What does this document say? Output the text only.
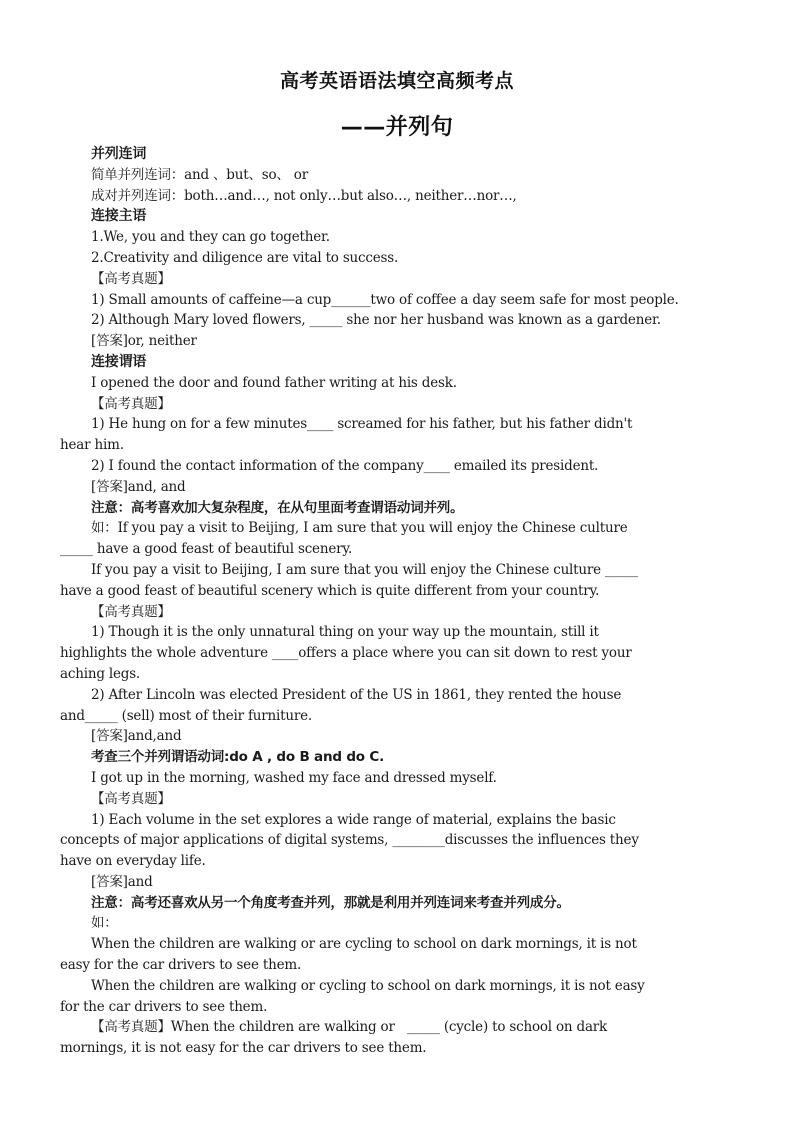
高考英语语法填空高频考点
——并列句
并列连词
简单并列连词：and 、but、so、 or
成对并列连词：both…and…, not only…but also…, neither…nor…,
连接主语
1.We, you and they can go together.
2.Creativity and diligence are vital to success.
【高考真题】
1) Small amounts of caffeine—a cup______two of coffee a day seem safe for most people.
2) Although Mary loved flowers, _____ she nor her husband was known as a gardener.
[答案]or, neither
连接谓语
I opened the door and found father writing at his desk.
【高考真题】
1) He hung on for a few minutes____ screamed for his father, but his father didn't
hear him.
2) I found the contact information of the company____ emailed its president.
[答案]and, and
注意：高考喜欢加大复杂程度，在从句里面考查谓语动词并列。
如：If you pay a visit to Beijing, I am sure that you will enjoy the Chinese culture
_____ have a good feast of beautiful scenery.
If you pay a visit to Beijing, I am sure that you will enjoy the Chinese culture _____
have a good feast of beautiful scenery which is quite different from your country.
【高考真题】
1) Though it is the only unnatural thing on your way up the mountain, still it
highlights the whole adventure ____offers a place where you can sit down to rest your
aching legs.
2) After Lincoln was elected President of the US in 1861, they rented the house
and_____ (sell) most of their furniture.
[答案]and,and
考查三个并列谓语动词:do A , do B and do C.
I got up in the morning, washed my face and dressed myself.
【高考真题】
1) Each volume in the set explores a wide range of material, explains the basic
concepts of major applications of digital systems, ________discusses the influences they
have on everyday life.
[答案]and
注意：高考还喜欢从另一个角度考查并列，那就是利用并列连词来考查并列成分。
如：
When the children are walking or are cycling to school on dark mornings, it is not
easy for the car drivers to see them.
When the children are walking or cycling to school on dark mornings, it is not easy
for the car drivers to see them.
【高考真题】When the children are walking or   _____ (cycle) to school on dark
mornings, it is not easy for the car drivers to see them.
